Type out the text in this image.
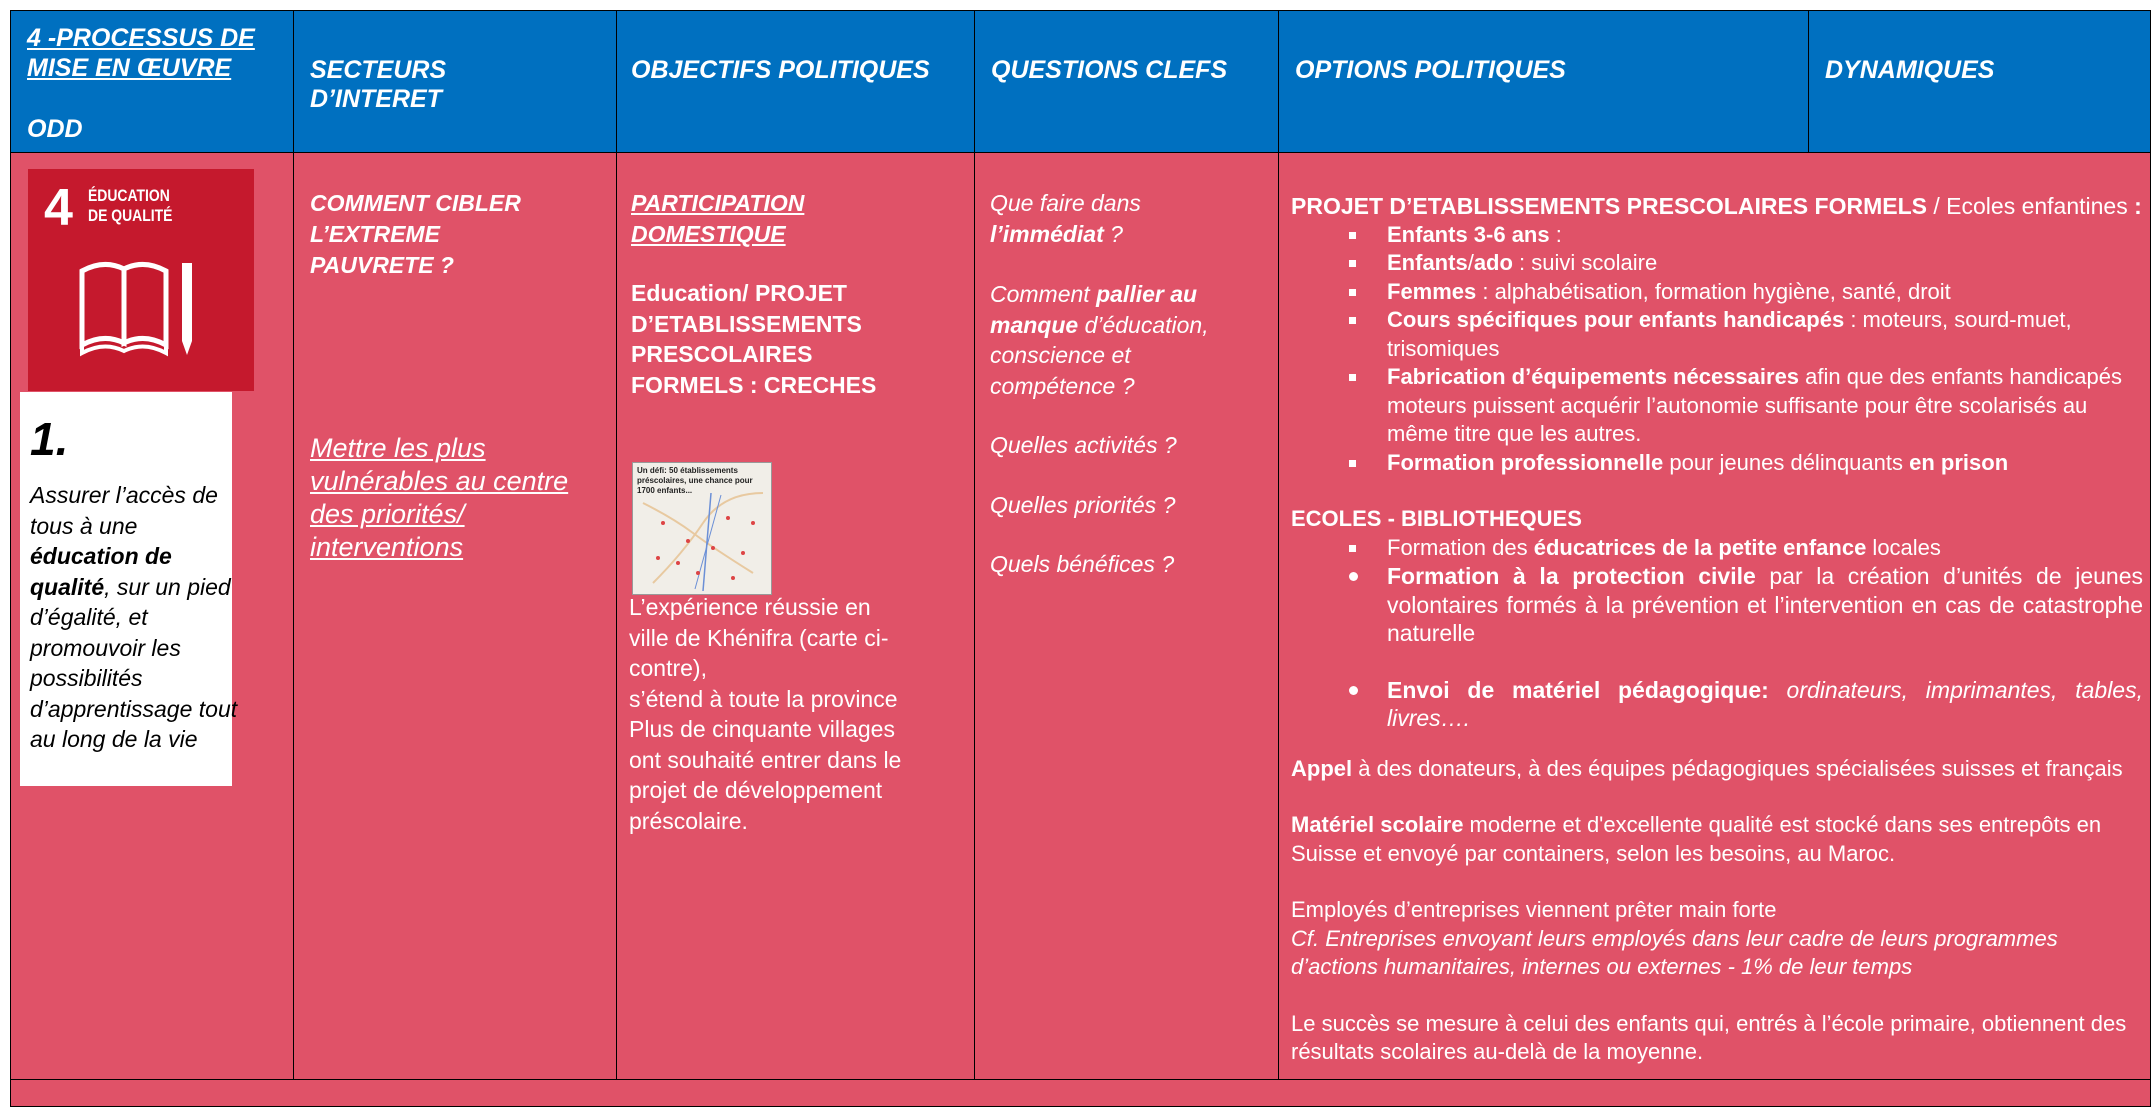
4 -PROCESSUS DE
MISE EN ŒUVRE
ODD
SECTEURS
D’INTERET
OBJECTIFS POLITIQUES QUESTIONS CLEFS	OPTIONS POLITIQUES	DYNAMIQUES
4 ÉDUCATION
DE QUALITÉ
1.
Assurer l’accès de tous à une éducation de qualité, sur un pied d’égalité, et promouvoir les possibilités d’apprentissage tout au long de la vie
COMMENT CIBLER
L’EXTREME
PAUVRETE ?
Mettre les plus
vulnérables au centre
des priorités/
interventions
PARTICIPATION
DOMESTIQUE
Education/ PROJET
D’ETABLISSEMENTS
PRESCOLAIRES
FORMELS : CRECHES
Un défi: 50 établissements préscolaires, une chance pour 1700 enfants...
L’expérience réussie en
ville de Khénifra (carte ci-
contre),
s’étend à toute la province
Plus de cinquante villages
ont souhaité entrer dans le
projet de développement
préscolaire.
Que faire dans
l’immédiat ?
Comment pallier au
manque d’éducation,
conscience et
compétence ?
Quelles activités ?
Quelles priorités ?
Quels bénéfices ?

PROJET D’ETABLISSEMENTS PRESCOLAIRES FORMELS / Ecoles enfantines :

Enfants 3-6 ans :
Enfants/ado : suivi scolaire
Femmes : alphabétisation, formation hygiène, santé, droit
Cours spécifiques pour enfants handicapés : moteurs, sourd-muet, trisomiques
Fabrication d’équipements nécessaires afin que des enfants handicapés moteurs puissent acquérir l’autonomie suffisante pour être scolarisés au même titre que les autres.
Formation professionnelle pour jeunes délinquants en prison

ECOLES - BIBLIOTHEQUES

Formation des éducatrices de la petite enfance locales
Formation à la protection civile par la création d’unités de jeunes volontaires formés à la prévention et l’intervention en cas de catastrophe naturelle
Envoi de matériel pédagogique: ordinateurs, imprimantes, tables, livres….

Appel à des donateurs, à des équipes pédagogiques spécialisées suisses et français

Matériel scolaire moderne et d'excellente qualité est stocké dans ses entrepôts en Suisse et envoyé par containers, selon les besoins, au Maroc.

Employés d’entreprises viennent prêter main forte
Cf. Entreprises envoyant leurs employés dans leur cadre de leurs programmes d’actions humanitaires, internes ou externes - 1% de leur temps

Le succès se mesure à celui des enfants qui, entrés à l’école primaire, obtiennent des résultats scolaires au-delà de la moyenne.
